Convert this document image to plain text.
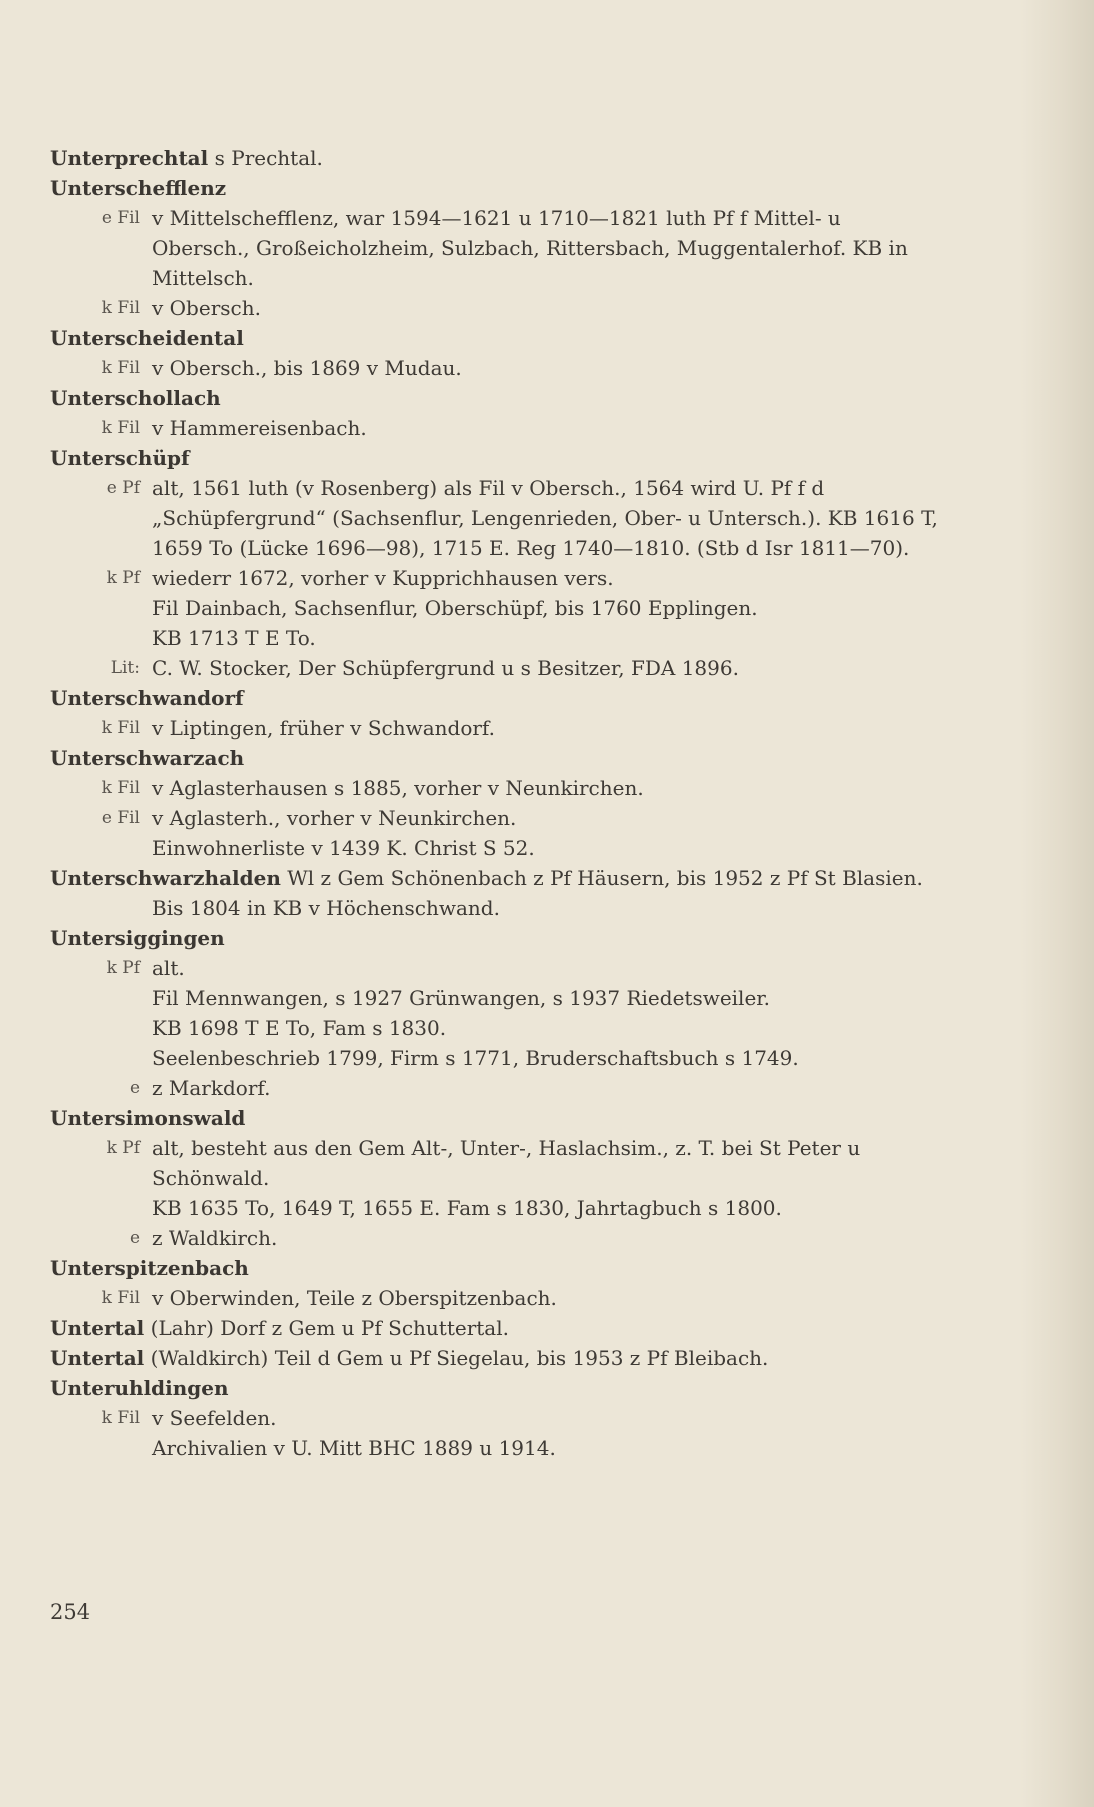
Unterprechtal s Prechtal.
Unterschefflenz
e Fil v Mittelschefflenz, war 1594—1621 u 1710—1821 luth Pf f Mittel- u Obersch., Großeicholzheim, Sulzbach, Rittersbach, Muggentalerhof. KB in Mittelsch.
k Fil v Obersch.
Unterscheidental
k Fil v Obersch., bis 1869 v Mudau.
Unterschollach
k Fil v Hammereisenbach.
Unterschüpf
e Pf alt, 1561 luth (v Rosenberg) als Fil v Obersch., 1564 wird U. Pf f d „Schüpfergrund“ (Sachsenflur, Lengenrieden, Ober- u Untersch.). KB 1616 T, 1659 To (Lücke 1696—98), 1715 E. Reg 1740—1810. (Stb d Isr 1811—70).
k Pf wiederr 1672, vorher v Kupprichhausen vers.
Fil Dainbach, Sachsenflur, Oberschüpf, bis 1760 Epplingen.
KB 1713 T E To.
Lit: C. W. Stocker, Der Schüpfergrund u s Besitzer, FDA 1896.
Unterschwandorf
k Fil v Liptingen, früher v Schwandorf.
Unterschwarzach
k Fil v Aglasterhausen s 1885, vorher v Neunkirchen.
e Fil v Aglasterh., vorher v Neunkirchen.
Einwohnerliste v 1439 K. Christ S 52.
Unterschwarzhalden Wl z Gem Schönenbach z Pf Häusern, bis 1952 z Pf St Blasien. Bis 1804 in KB v Höchenschwand.
Untersiggingen
k Pf alt.
Fil Mennwangen, s 1927 Grünwangen, s 1937 Riedetsweiler.
KB 1698 T E To, Fam s 1830.
Seelenbeschrieb 1799, Firm s 1771, Bruderschaftsbuch s 1749.
e z Markdorf.
Untersimonswald
k Pf alt, besteht aus den Gem Alt-, Unter-, Haslachsim., z. T. bei St Peter u Schönwald.
KB 1635 To, 1649 T, 1655 E. Fam s 1830, Jahrtagbuch s 1800.
e z Waldkirch.
Unterspitzenbach
k Fil v Oberwinden, Teile z Oberspitzenbach.
Untertal (Lahr) Dorf z Gem u Pf Schuttertal.
Untertal (Waldkirch) Teil d Gem u Pf Siegelau, bis 1953 z Pf Bleibach.
Unteruhldingen
k Fil v Seefelden.
Archivalien v U. Mitt BHC 1889 u 1914.
254
